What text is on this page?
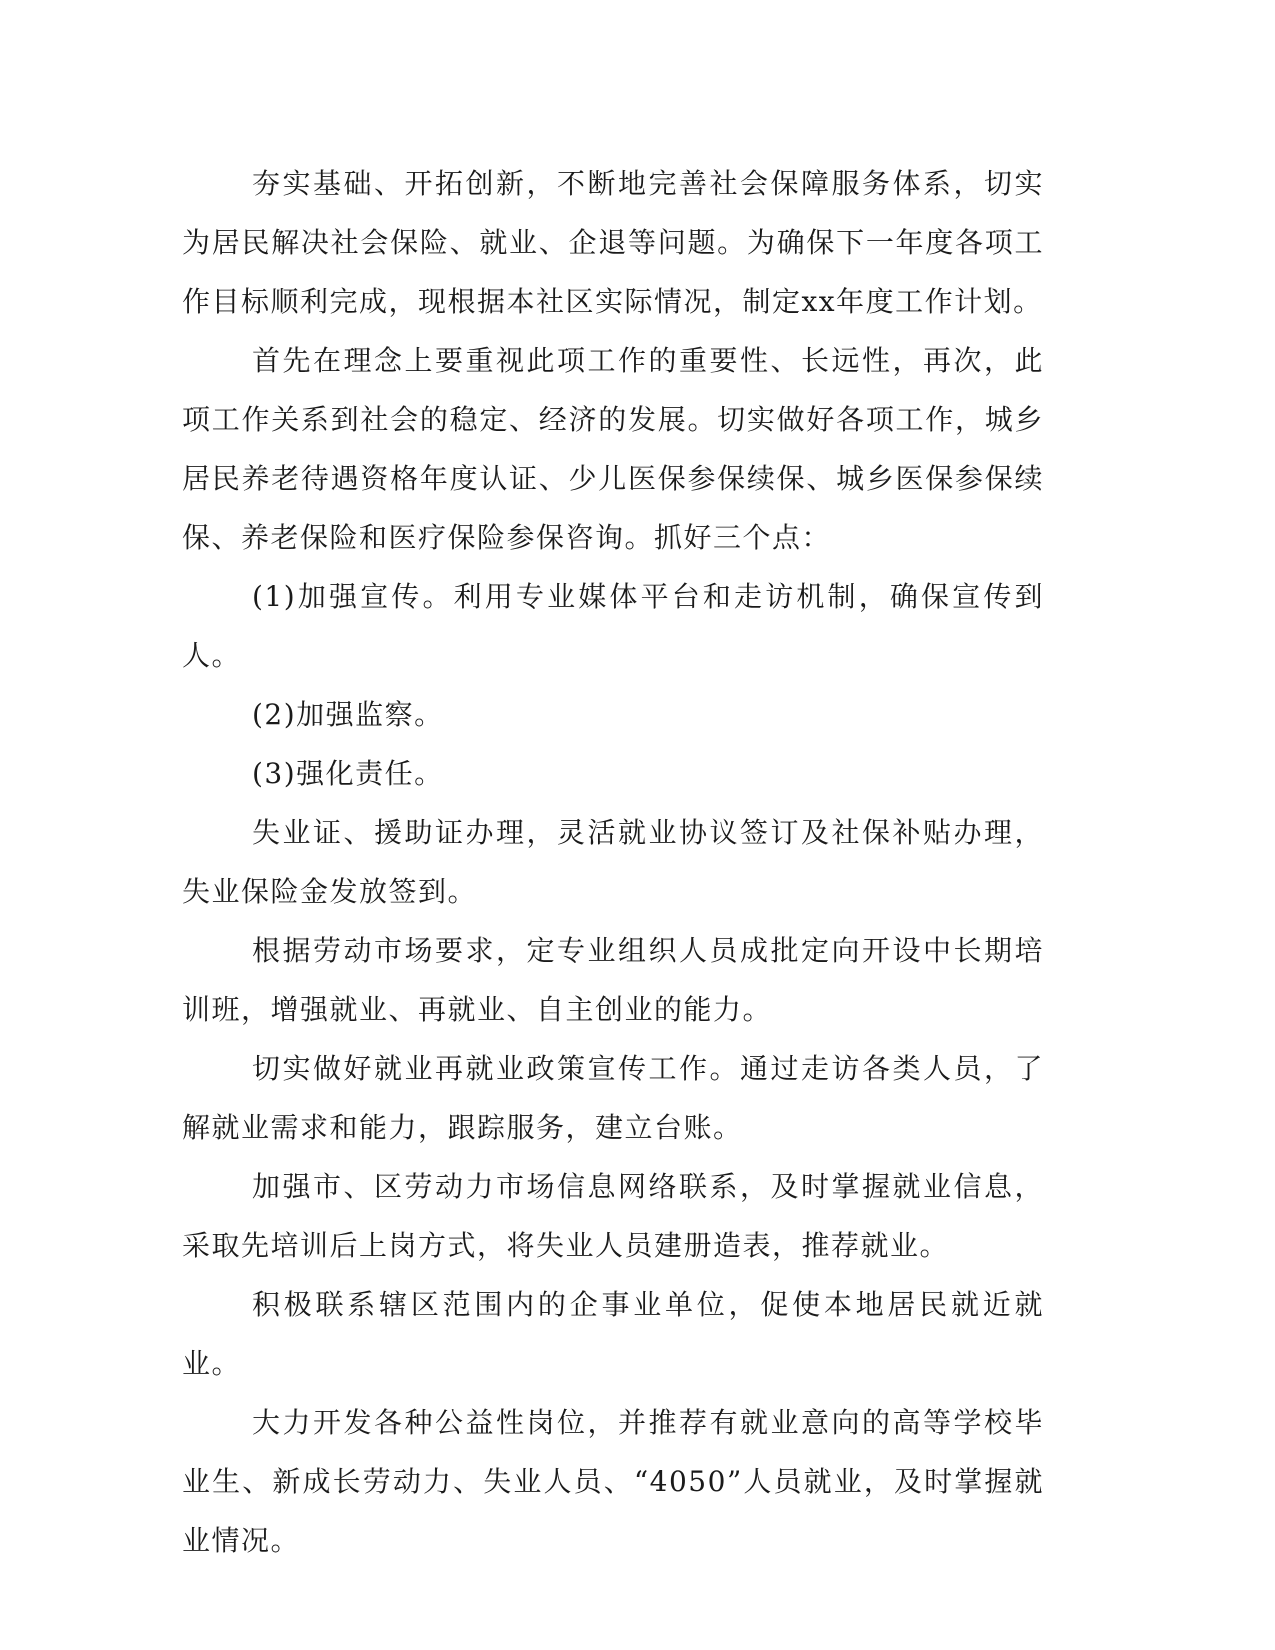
夯实基础、开拓创新，不断地完善社会保障服务体系，切实为居民解决社会保险、就业、企退等问题。为确保下一年度各项工作目标顺利完成，现根据本社区实际情况，制定xx年度工作计划。

首先在理念上要重视此项工作的重要性、长远性，再次，此项工作关系到社会的稳定、经济的发展。切实做好各项工作，城乡居民养老待遇资格年度认证、少儿医保参保续保、城乡医保参保续保、养老保险和医疗保险参保咨询。抓好三个点：

(1)加强宣传。利用专业媒体平台和走访机制，确保宣传到人。

(2)加强监察。

(3)强化责任。

失业证、援助证办理，灵活就业协议签订及社保补贴办理，失业保险金发放签到。

根据劳动市场要求，定专业组织人员成批定向开设中长期培训班，增强就业、再就业、自主创业的能力。

切实做好就业再就业政策宣传工作。通过走访各类人员，了解就业需求和能力，跟踪服务，建立台账。

加强市、区劳动力市场信息网络联系，及时掌握就业信息，采取先培训后上岗方式，将失业人员建册造表，推荐就业。

积极联系辖区范围内的企事业单位，促使本地居民就近就业。

大力开发各种公益性岗位，并推荐有就业意向的高等学校毕业生、新成长劳动力、失业人员、“4050”人员就业，及时掌握就业情况。
